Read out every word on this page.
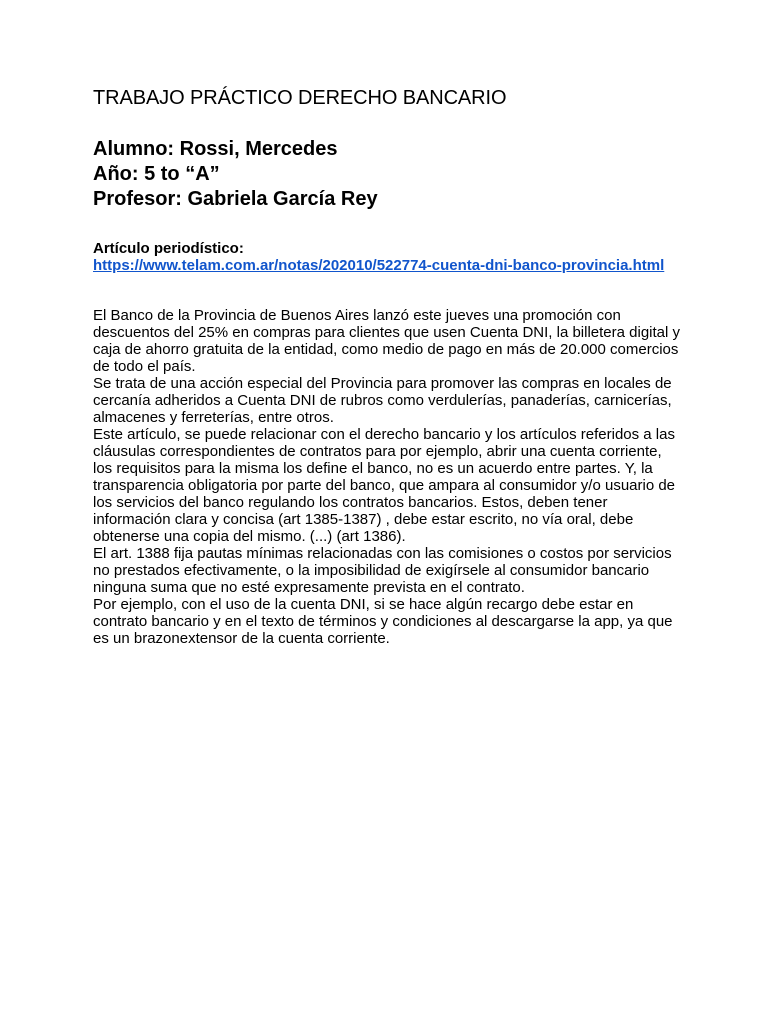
TRABAJO PRÁCTICO DERECHO BANCARIO
Alumno: Rossi, Mercedes
Año: 5 to “A”
Profesor: Gabriela García Rey
Artículo periodístico:
https://www.telam.com.ar/notas/202010/522774-cuenta-dni-banco-provincia.html

El Banco de la Provincia de Buenos Aires lanzó este jueves una promoción con descuentos del 25% en compras para clientes que usen Cuenta DNI, la billetera digital y caja de ahorro gratuita de la entidad, como medio de pago en más de 20.000 comercios de todo el país.

Se trata de una acción especial del Provincia para promover las compras en locales de cercanía adheridos a Cuenta DNI de rubros como verdulerías, panaderías, carnicerías, almacenes y ferreterías, entre otros.

Este artículo, se puede relacionar con el derecho bancario y los artículos referidos a las cláusulas correspondientes de contratos para por ejemplo, abrir una cuenta corriente, los requisitos para la misma los define el banco, no es un acuerdo entre partes. Y, la transparencia obligatoria por parte del banco, que ampara al consumidor y/o usuario de los servicios del banco regulando los contratos bancarios. Estos, deben tener información clara y concisa (art 1385-1387) , debe estar escrito, no vía oral, debe obtenerse una copia del mismo. (...) (art 1386).

El art. 1388 fija pautas mínimas relacionadas con las comisiones o costos por servicios no prestados efectivamente, o la imposibilidad de exigírsele al consumidor bancario ninguna suma que no esté expresamente prevista en el contrato.

Por ejemplo, con el uso de la cuenta DNI, si se hace algún recargo debe estar en contrato bancario y en el texto de términos y condiciones al descargarse la app, ya que es un brazonextensor de la cuenta corriente.
